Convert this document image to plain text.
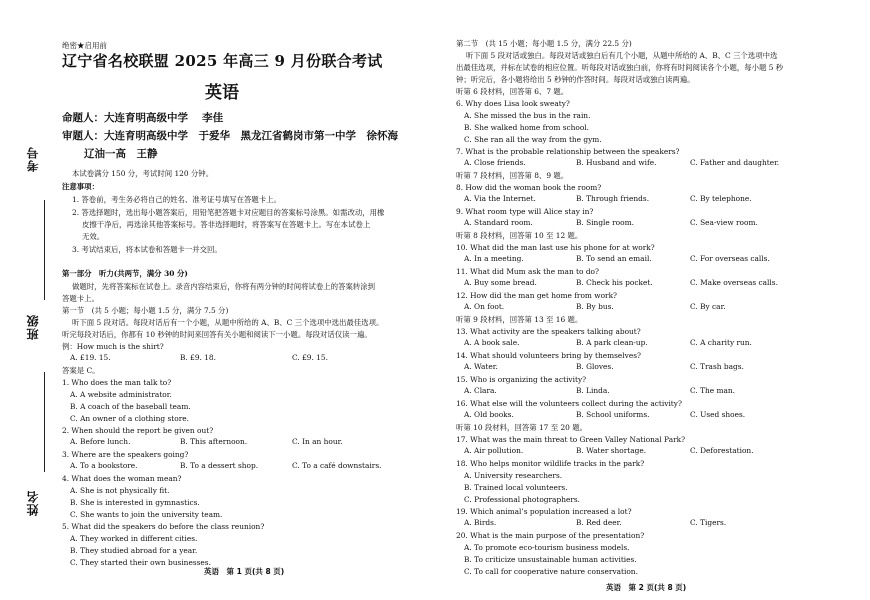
考号
班级
姓名
绝密★启用前
辽宁省名校联盟 2025 年高三 9 月份联合考试
英语
命题人：大连育明高级中学　 李佳
审题人：大连育明高级中学　于爱华　黑龙江省鹤岗市第一中学　徐怀海
辽油一高　王静
本试卷满分 150 分，考试时间 120 分钟。
注意事项：
1. 答卷前，考生务必将自己的姓名、准考证号填写在答题卡上。
2. 答选择题时，选出每小题答案后，用铅笔把答题卡对应题目的答案标号涂黑。如需改动，用橡
皮擦干净后，再选涂其他答案标号。答非选择题时，将答案写在答题卡上。写在本试卷上
无效。
3. 考试结束后，将本试卷和答题卡一并交回。
第一部分　听力(共两节，满分 30 分)
做题时，先将答案标在试卷上。录音内容结束后，你将有两分钟的时间将试卷上的答案转涂到
答题卡上。
第一节　(共 5 小题；每小题 1.5 分，满分 7.5 分)
听下面 5 段对话。每段对话后有一个小题，从题中所给的 A、B、C 三个选项中选出最佳选项。
听完每段对话后，你都有 10 秒钟的时间来回答有关小题和阅读下一小题。每段对话仅读一遍。
例：How much is the shirt?
A. £19. 15.	B. £9. 18.	C. £9. 15.
答案是 C。
1. Who does the man talk to?
A. A website administrator.
B. A coach of the baseball team.
C. An owner of a clothing store.
2. When should the report be given out?
A. Before lunch.	B. This afternoon.	C. In an hour.
3. Where are the speakers going?
A. To a bookstore.	B. To a dessert shop.	C. To a café downstairs.
4. What does the woman mean?
A. She is not physically fit.
B. She is interested in gymnastics.
C. She wants to join the university team.
5. What did the speakers do before the class reunion?
A. They worked in different cities.
B. They studied abroad for a year.
C. They started their own businesses.
英语　第 1 页(共 8 页)
第二节　(共 15 小题；每小题 1.5 分，满分 22.5 分)
听下面 5 段对话或独白。每段对话或独白后有几个小题，从题中所给的 A、B、C 三个选项中选
出最佳选项，并标在试卷的相应位置。听每段对话或独白前，你将有时间阅读各个小题，每小题 5 秒
钟；听完后，各小题将给出 5 秒钟的作答时间。每段对话或独白读两遍。
听第 6 段材料，回答第 6、7 题。
6. Why does Lisa look sweaty?
A. She missed the bus in the rain.
B. She walked home from school.
C. She ran all the way from the gym.
7. What is the probable relationship between the speakers?
A. Close friends.	B. Husband and wife.	C. Father and daughter.
听第 7 段材料，回答第 8、9 题。
8. How did the woman book the room?
A. Via the Internet.	B. Through friends.	C. By telephone.
9. What room type will Alice stay in?
A. Standard room.	B. Single room.	C. Sea-view room.
听第 8 段材料，回答第 10 至 12 题。
10. What did the man last use his phone for at work?
A. In a meeting.	B. To send an email.	C. For overseas calls.
11. What did Mum ask the man to do?
A. Buy some bread.	B. Check his pocket.	C. Make overseas calls.
12. How did the man get home from work?
A. On foot.	B. By bus.	C. By car.
听第 9 段材料，回答第 13 至 16 题。
13. What activity are the speakers talking about?
A. A book sale.	B. A park clean-up.	C. A charity run.
14. What should volunteers bring by themselves?
A. Water.	B. Gloves.	C. Trash bags.
15. Who is organizing the activity?
A. Clara.	B. Linda.	C. The man.
16. What else will the volunteers collect during the activity?
A. Old books.	B. School uniforms.	C. Used shoes.
听第 10 段材料，回答第 17 至 20 题。
17. What was the main threat to Green Valley National Park?
A. Air pollution.	B. Water shortage.	C. Deforestation.
18. Who helps monitor wildlife tracks in the park?
A. University researchers.
B. Trained local volunteers.
C. Professional photographers.
19. Which animal’s population increased a lot?
A. Birds.	B. Red deer.	C. Tigers.
20. What is the main purpose of the presentation?
A. To promote eco-tourism business models.
B. To criticize unsustainable human activities.
C. To call for cooperative nature conservation.
英语　第 2 页(共 8 页)
